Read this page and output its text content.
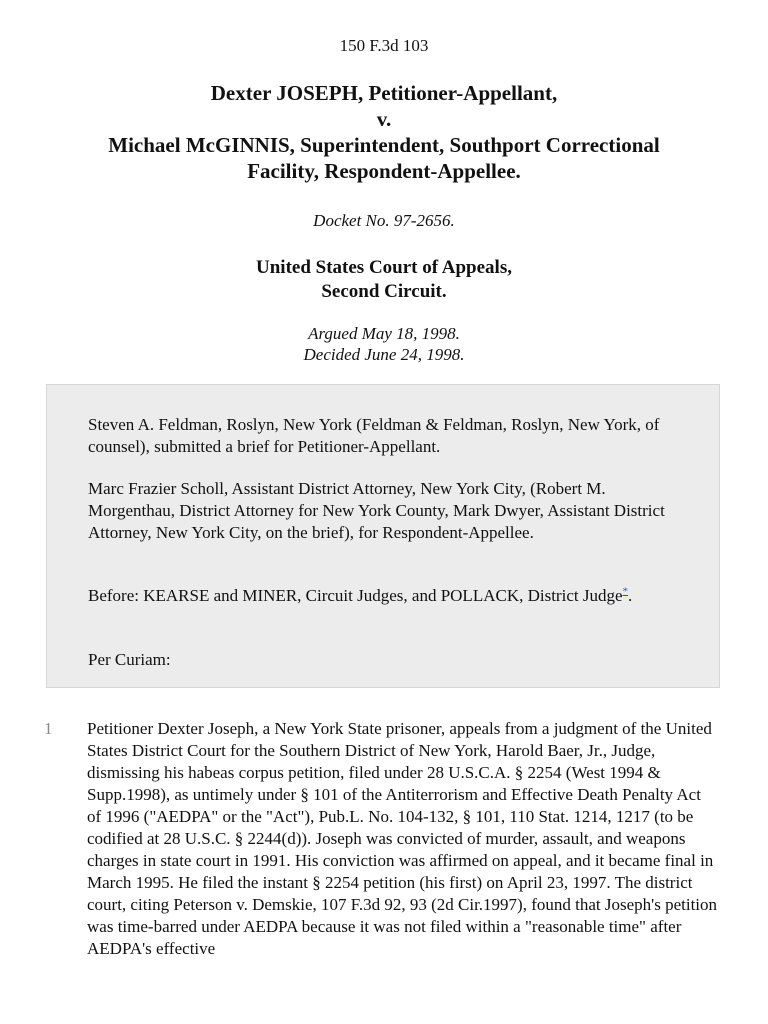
150 F.3d 103
Dexter JOSEPH, Petitioner-Appellant,
v.
Michael McGINNIS, Superintendent, Southport Correctional
Facility, Respondent-Appellee.
Docket No. 97-2656.
United States Court of Appeals,
Second Circuit.
Argued May 18, 1998.
Decided June 24, 1998.

Steven A. Feldman, Roslyn, New York (Feldman & Feldman, Roslyn, New York, of counsel), submitted a brief for Petitioner-Appellant.

Marc Frazier Scholl, Assistant District Attorney, New York City, (Robert M. Morgenthau, District Attorney for New York County, Mark Dwyer, Assistant District Attorney, New York City, on the brief), for Respondent-Appellee.

Before: KEARSE and MINER, Circuit Judges, and POLLACK, District Judge*.

Per Curiam:

1 Petitioner Dexter Joseph, a New York State prisoner, appeals from a judgment of the United States District Court for the Southern District of New York, Harold Baer, Jr., Judge, dismissing his habeas corpus petition, filed under 28 U.S.C.A. § 2254 (West 1994 & Supp.1998), as untimely under § 101 of the Antiterrorism and Effective Death Penalty Act of 1996 ("AEDPA" or the "Act"), Pub.L. No. 104-132, § 101, 110 Stat. 1214, 1217 (to be codified at 28 U.S.C. § 2244(d)). Joseph was convicted of murder, assault, and weapons charges in state court in 1991. His conviction was affirmed on appeal, and it became final in March 1995. He filed the instant § 2254 petition (his first) on April 23, 1997. The district court, citing Peterson v. Demskie, 107 F.3d 92, 93 (2d Cir.1997), found that Joseph's petition was time-barred under AEDPA because it was not filed within a "reasonable time" after AEDPA's effective
